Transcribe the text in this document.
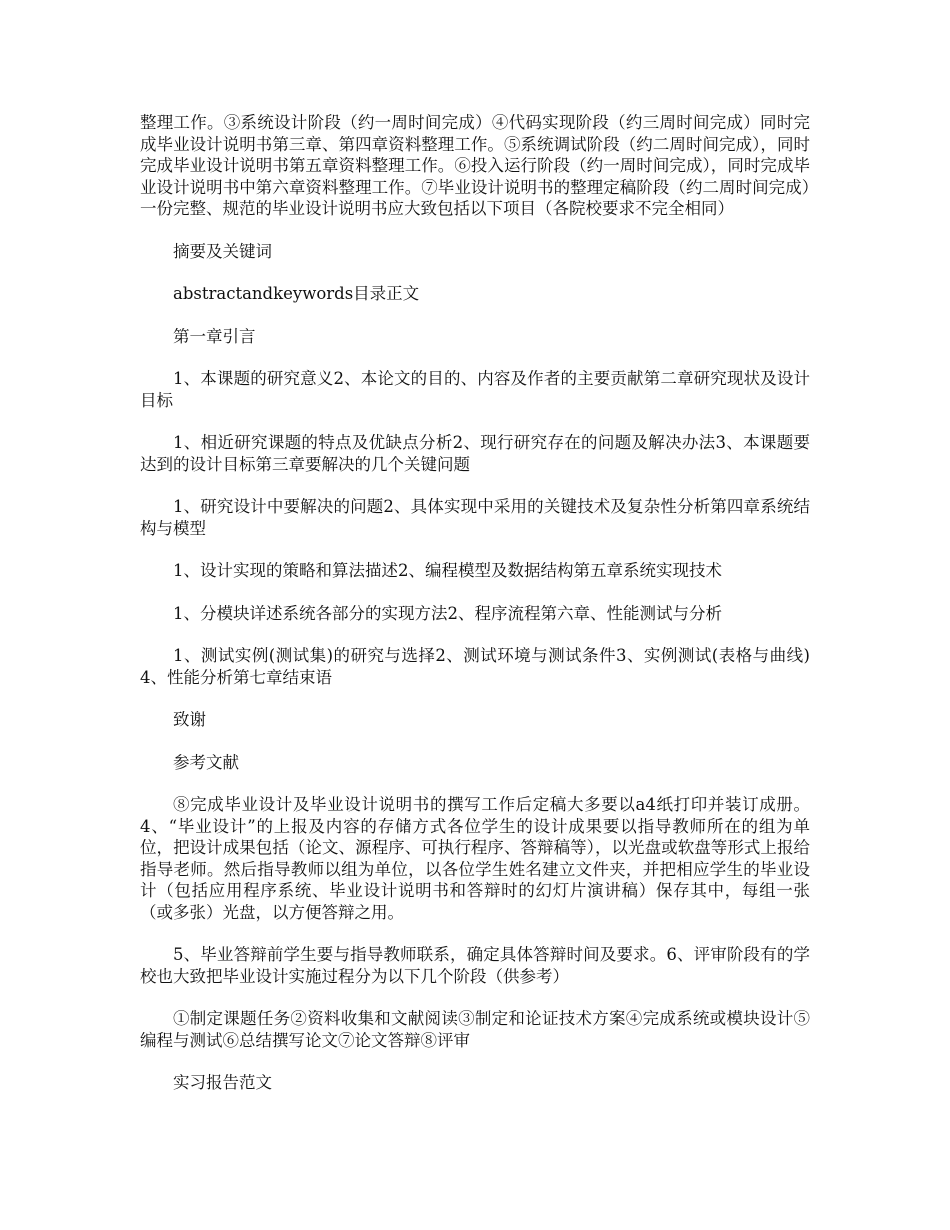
整理工作。③系统设计阶段（约一周时间完成）④代码实现阶段（约三周时间完成）同时完成毕业设计说明书第三章、第四章资料整理工作。⑤系统调试阶段（约二周时间完成），同时完成毕业设计说明书第五章资料整理工作。⑥投入运行阶段（约一周时间完成），同时完成毕业设计说明书中第六章资料整理工作。⑦毕业设计说明书的整理定稿阶段（约二周时间完成）一份完整、规范的毕业设计说明书应大致包括以下项目（各院校要求不完全相同）

摘要及关键词

abstractandkeywords目录正文

第一章引言

1、本课题的研究意义2、本论文的目的、内容及作者的主要贡献第二章研究现状及设计目标

1、相近研究课题的特点及优缺点分析2、现行研究存在的问题及解决办法3、本课题要达到的设计目标第三章要解决的几个关键问题

1、研究设计中要解决的问题2、具体实现中采用的关键技术及复杂性分析第四章系统结构与模型

1、设计实现的策略和算法描述2、编程模型及数据结构第五章系统实现技术

1、分模块详述系统各部分的实现方法2、程序流程第六章、性能测试与分析

1、测试实例(测试集)的研究与选择2、测试环境与测试条件3、实例测试(表格与曲线)4、性能分析第七章结束语

致谢

参考文献

⑧完成毕业设计及毕业设计说明书的撰写工作后定稿大多要以a4纸打印并装订成册。4、“毕业设计”的上报及内容的存储方式各位学生的设计成果要以指导教师所在的组为单位，把设计成果包括（论文、源程序、可执行程序、答辩稿等），以光盘或软盘等形式上报给指导老师。然后指导教师以组为单位，以各位学生姓名建立文件夹，并把相应学生的毕业设计（包括应用程序系统、毕业设计说明书和答辩时的幻灯片演讲稿）保存其中，每组一张（或多张）光盘，以方便答辩之用。

5、毕业答辩前学生要与指导教师联系，确定具体答辩时间及要求。6、评审阶段有的学校也大致把毕业设计实施过程分为以下几个阶段（供参考）

①制定课题任务②资料收集和文献阅读③制定和论证技术方案④完成系统或模块设计⑤编程与测试⑥总结撰写论文⑦论文答辩⑧评审

实习报告范文
